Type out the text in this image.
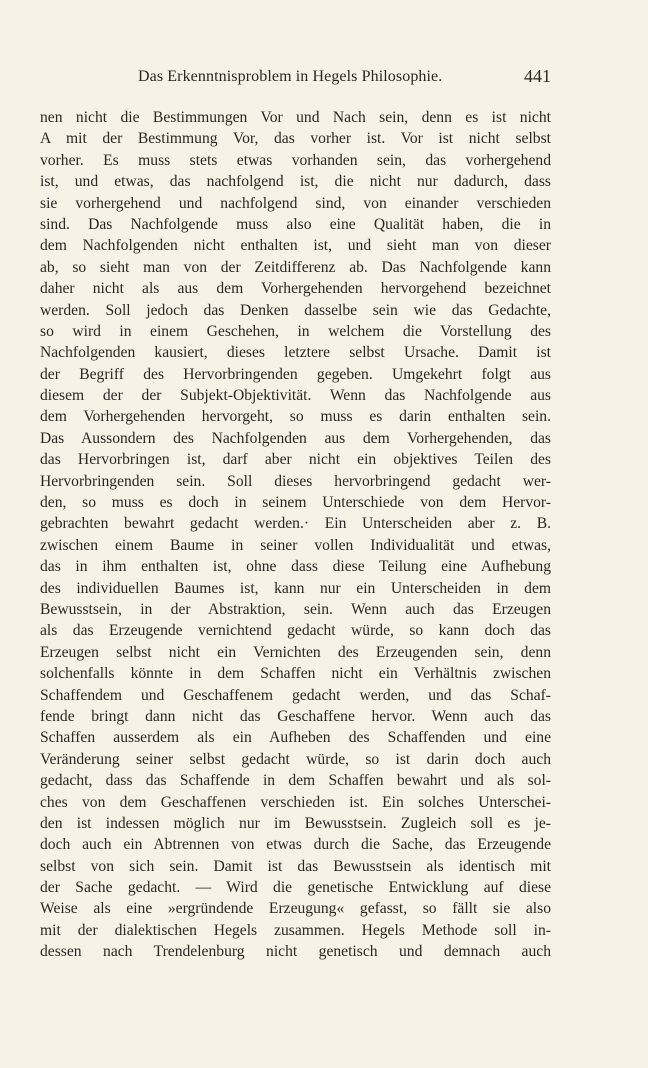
Das Erkenntnisproblem in Hegels Philosophie.	441
nen nicht die Bestimmungen Vor und Nach sein, denn es ist nicht
A mit der Bestimmung Vor, das vorher ist. Vor ist nicht selbst
vorher. Es muss stets etwas vorhanden sein, das vorhergehend
ist, und etwas, das nachfolgend ist, die nicht nur dadurch, dass
sie vorhergehend und nachfolgend sind, von einander verschieden
sind. Das Nachfolgende muss also eine Qualität haben, die in
dem Nachfolgenden nicht enthalten ist, und sieht man von dieser
ab, so sieht man von der Zeitdifferenz ab. Das Nachfolgende kann
daher nicht als aus dem Vorhergehenden hervorgehend bezeichnet
werden. Soll jedoch das Denken dasselbe sein wie das Gedachte,
so wird in einem Geschehen, in welchem die Vorstellung des
Nachfolgenden kausiert, dieses letztere selbst Ursache. Damit ist
der Begriff des Hervorbringenden gegeben. Umgekehrt folgt aus
diesem der der Subjekt-Objektivität. Wenn das Nachfolgende aus
dem Vorhergehenden hervorgeht, so muss es darin enthalten sein.
Das Aussondern des Nachfolgenden aus dem Vorhergehenden, das
das Hervorbringen ist, darf aber nicht ein objektives Teilen des
Hervorbringenden sein. Soll dieses hervorbringend gedacht wer-
den, so muss es doch in seinem Unterschiede von dem Hervor-
gebrachten bewahrt gedacht werden.· Ein Unterscheiden aber z. B.
zwischen einem Baume in seiner vollen Individualität und etwas,
das in ihm enthalten ist, ohne dass diese Teilung eine Aufhebung
des individuellen Baumes ist, kann nur ein Unterscheiden in dem
Bewusstsein, in der Abstraktion, sein. Wenn auch das Erzeugen
als das Erzeugende vernichtend gedacht würde, so kann doch das
Erzeugen selbst nicht ein Vernichten des Erzeugenden sein, denn
solchenfalls könnte in dem Schaffen nicht ein Verhältnis zwischen
Schaffendem und Geschaffenem gedacht werden, und das Schaf-
fende bringt dann nicht das Geschaffene hervor. Wenn auch das
Schaffen ausserdem als ein Aufheben des Schaffenden und eine
Veränderung seiner selbst gedacht würde, so ist darin doch auch
gedacht, dass das Schaffende in dem Schaffen bewahrt und als sol-
ches von dem Geschaffenen verschieden ist. Ein solches Unterschei-
den ist indessen möglich nur im Bewusstsein. Zugleich soll es je-
doch auch ein Abtrennen von etwas durch die Sache, das Erzeugende
selbst von sich sein. Damit ist das Bewusstsein als identisch mit
der Sache gedacht. — Wird die genetische Entwicklung auf diese
Weise als eine »ergründende Erzeugung« gefasst, so fällt sie also
mit der dialektischen Hegels zusammen. Hegels Methode soll in-
dessen nach Trendelenburg nicht genetisch und demnach auch
